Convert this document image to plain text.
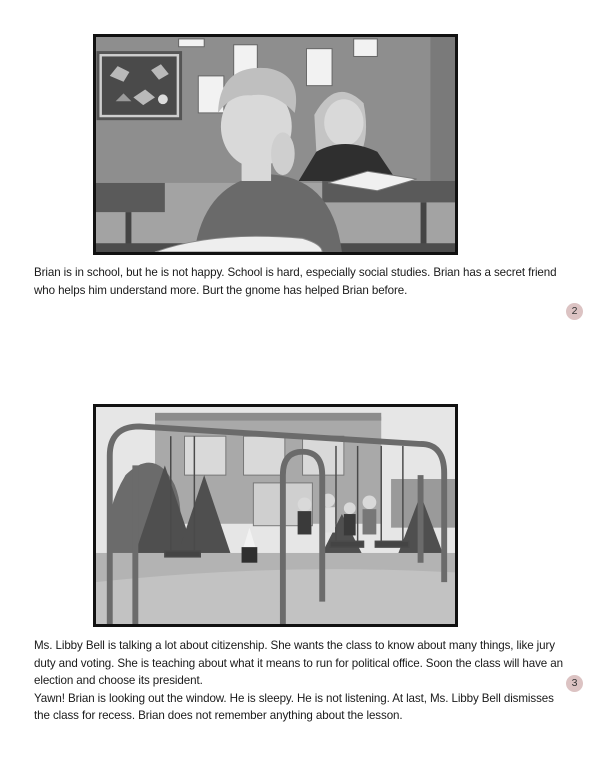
Brian is in school, but he is not happy. School is hard, especially social studies. Brian has a secret friend who helps him understand more. Burt the gnome has helped Brian before.

2

Ms. Libby Bell is talking a lot about citizenship. She wants the class to know about many things, like jury duty and voting. She is teaching about what it means to run for political office. Soon the class will have an election and choose its president.

Yawn! Brian is looking out the window. He is sleepy. He is not listening. At last, Ms. Libby Bell dismisses the class for recess. Brian does not remember anything about the lesson.

3
